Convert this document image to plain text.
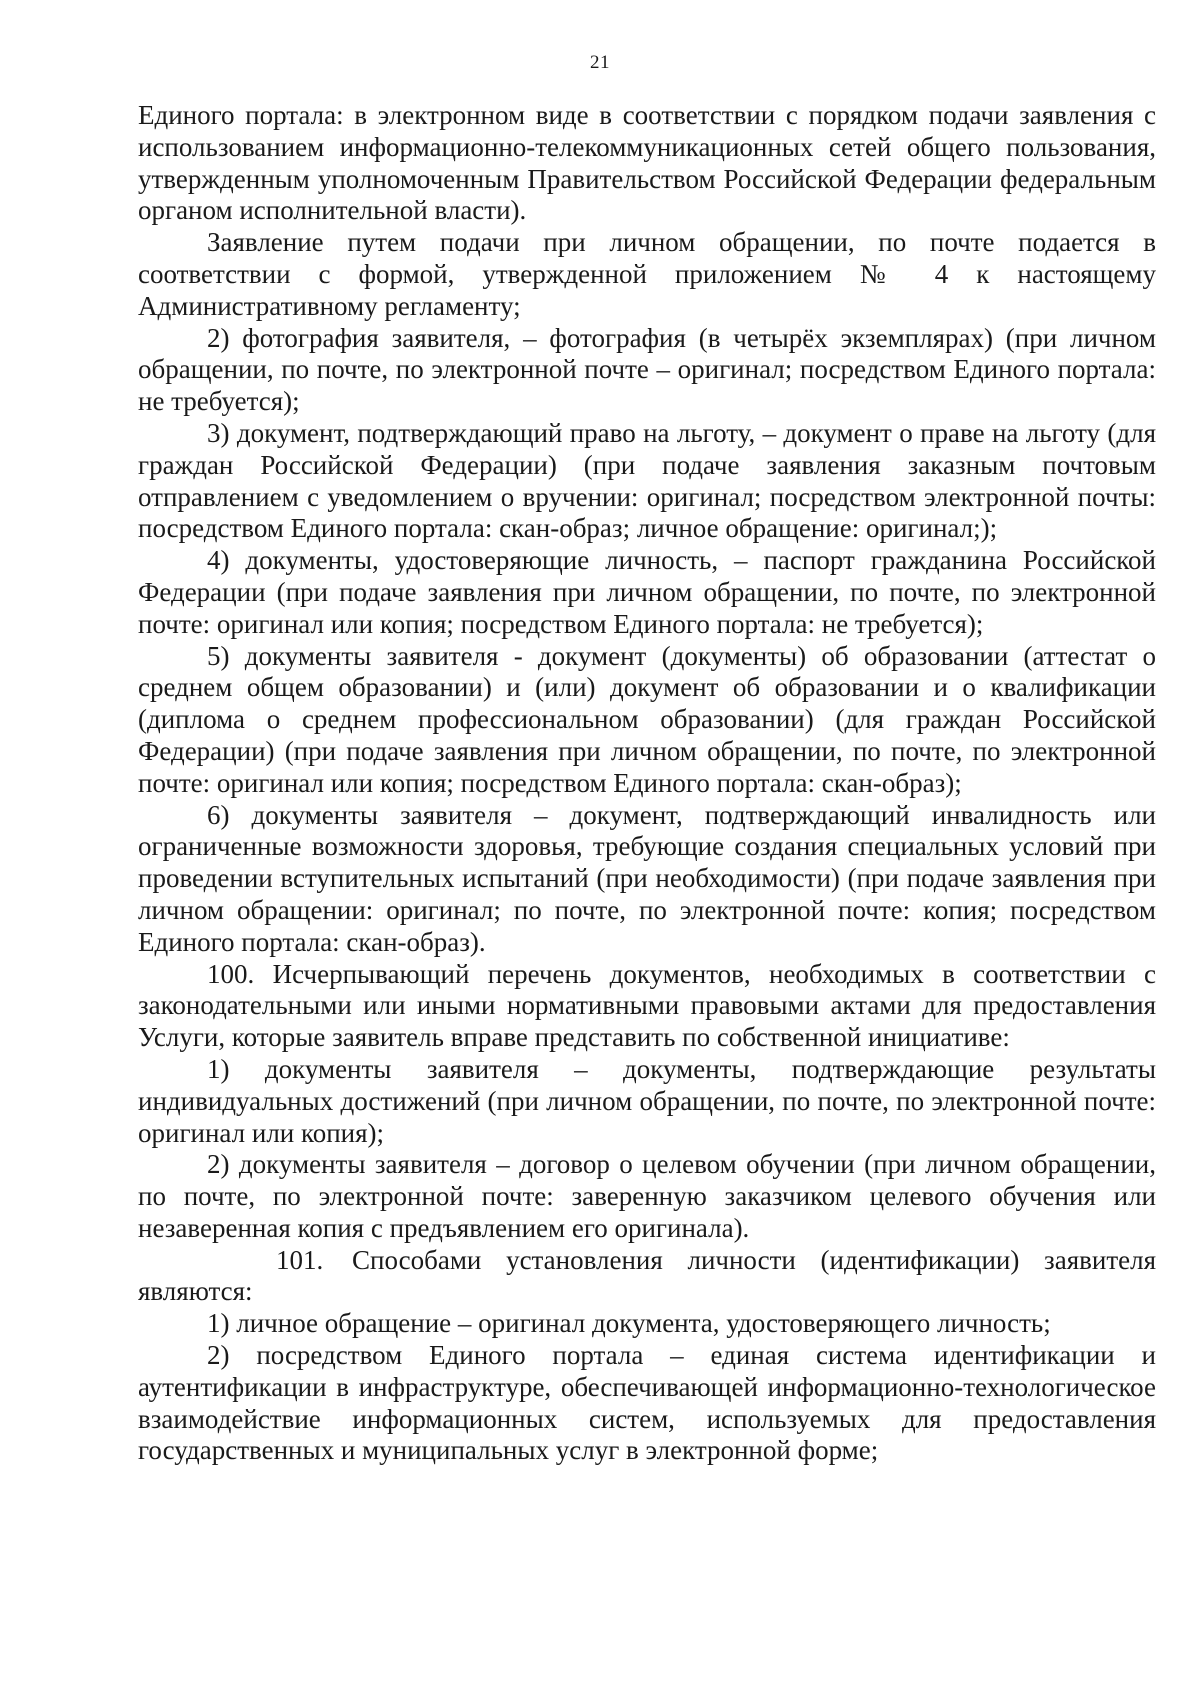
21

Единого портала: в электронном виде в соответствии с порядком подачи заявления с использованием информационно-телекоммуникационных сетей общего пользования, утвержденным уполномоченным Правительством Российской Федерации федеральным органом исполнительной власти).

Заявление путем подачи при личном обращении, по почте подается в соответствии с формой, утвержденной приложением № 4 к настоящему Административному регламенту;

2) фотография заявителя, – фотография (в четырёх экземплярах) (при личном обращении, по почте, по электронной почте – оригинал; посредством Единого портала: не требуется);

3) документ, подтверждающий право на льготу, – документ о праве на льготу (для граждан Российской Федерации) (при подаче заявления заказным почтовым отправлением с уведомлением о вручении: оригинал; посредством электронной почты: посредством Единого портала: скан-образ; личное обращение: оригинал;);

4) документы, удостоверяющие личность, – паспорт гражданина Российской Федерации (при подаче заявления при личном обращении, по почте, по электронной почте: оригинал или копия; посредством Единого портала: не требуется);

5) документы заявителя - документ (документы) об образовании (аттестат о среднем общем образовании) и (или) документ об образовании и о квалификации (диплома о среднем профессиональном образовании) (для граждан Российской Федерации) (при подаче заявления при личном обращении, по почте, по электронной почте: оригинал или копия; посредством Единого портала: скан-образ);

6) документы заявителя – документ, подтверждающий инвалидность или ограниченные возможности здоровья, требующие создания специальных условий при проведении вступительных испытаний (при необходимости) (при подаче заявления при личном обращении: оригинал; по почте, по электронной почте: копия; посредством Единого портала: скан-образ).

100. Исчерпывающий перечень документов, необходимых в соответствии с законодательными или иными нормативными правовыми актами для предоставления Услуги, которые заявитель вправе представить по собственной инициативе:

1) документы заявителя – документы, подтверждающие результаты индивидуальных достижений (при личном обращении, по почте, по электронной почте: оригинал или копия);

2) документы заявителя – договор о целевом обучении (при личном обращении, по почте, по электронной почте: заверенную заказчиком целевого обучения или незаверенная копия с предъявлением его оригинала).

101. Способами установления личности (идентификации) заявителя являются:

1) личное обращение – оригинал документа, удостоверяющего личность;

2) посредством Единого портала – единая система идентификации и аутентификации в инфраструктуре, обеспечивающей информационно-технологическое взаимодействие информационных систем, используемых для предоставления государственных и муниципальных услуг в электронной форме;
